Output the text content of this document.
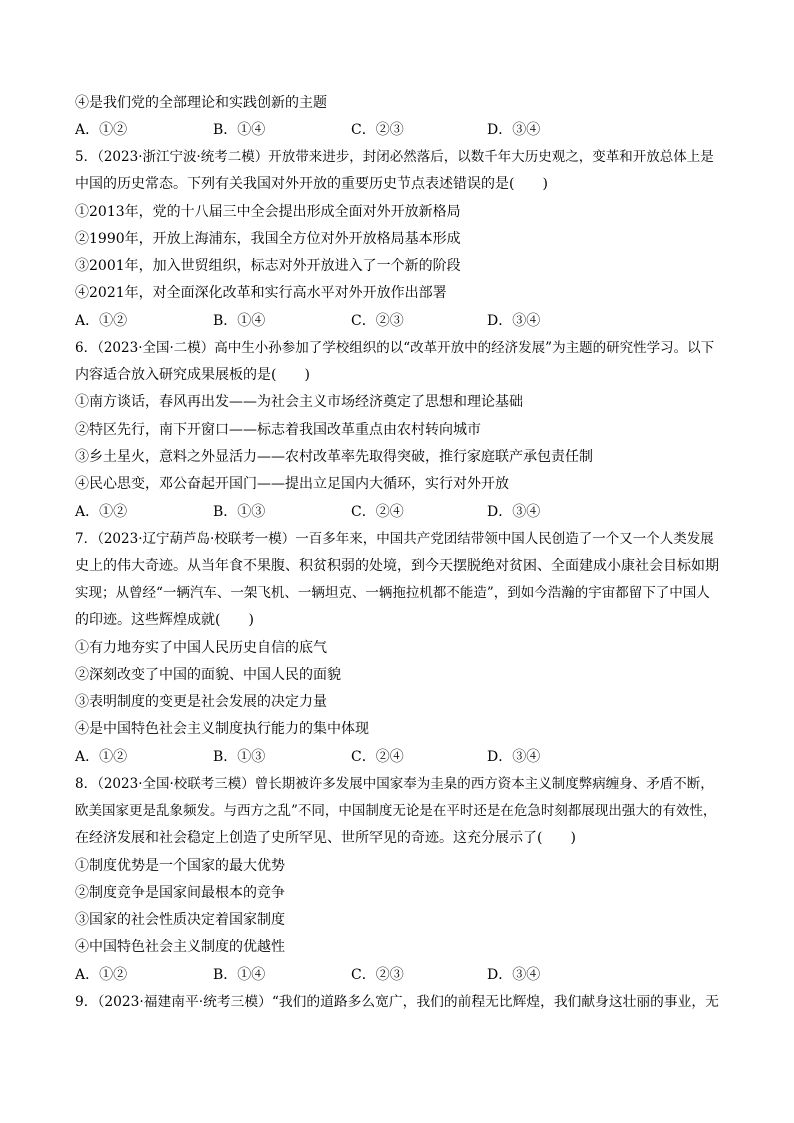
④是我们党的全部理论和实践创新的主题
A．①②	B．①④	C．②③	D．③④
5．（2023·浙江宁波·统考二模）开放带来进步，封闭必然落后，以数千年大历史观之，变革和开放总体上是
中国的历史常态。下列有关我国对外开放的重要历史节点表述错误的是(　　)
①2013年，党的十八届三中全会提出形成全面对外开放新格局
②1990年，开放上海浦东，我国全方位对外开放格局基本形成
③2001年，加入世贸组织，标志对外开放进入了一个新的阶段
④2021年，对全面深化改革和实行高水平对外开放作出部署
A．①②	B．①④	C．②③	D．③④
6．（2023·全国·二模）高中生小孙参加了学校组织的以“改革开放中的经济发展”为主题的研究性学习。以下
内容适合放入研究成果展板的是(　　)
①南方谈话，春风再出发——为社会主义市场经济奠定了思想和理论基础
②特区先行，南下开窗口——标志着我国改革重点由农村转向城市
③乡土星火，意料之外显活力——农村改革率先取得突破，推行家庭联产承包责任制
④民心思变，邓公奋起开国门——提出立足国内大循环，实行对外开放
A．①②	B．①③	C．②④	D．③④
7．（2023·辽宁葫芦岛·校联考一模）一百多年来，中国共产党团结带领中国人民创造了一个又一个人类发展
史上的伟大奇迹。从当年食不果腹、积贫积弱的处境，到今天摆脱绝对贫困、全面建成小康社会目标如期
实现；从曾经“一辆汽车、一架飞机、一辆坦克、一辆拖拉机都不能造”，到如今浩瀚的宇宙都留下了中国人
的印迹。这些辉煌成就(　　)
①有力地夯实了中国人民历史自信的底气
②深刻改变了中国的面貌、中国人民的面貌
③表明制度的变更是社会发展的决定力量
④是中国特色社会主义制度执行能力的集中体现
A．①②	B．①③	C．②④	D．③④
8．（2023·全国·校联考三模）曾长期被许多发展中国家奉为圭臬的西方资本主义制度弊病缠身、矛盾不断，
欧美国家更是乱象频发。与西方之乱”不同，中国制度无论是在平时还是在危急时刻都展现出强大的有效性，
在经济发展和社会稳定上创造了史所罕见、世所罕见的奇迹。这充分展示了(　　)
①制度优势是一个国家的最大优势
②制度竞争是国家间最根本的竞争
③国家的社会性质决定着国家制度
④中国特色社会主义制度的优越性
A．①②	B．①④	C．②③	D．③④
9．（2023·福建南平·统考三模）“我们的道路多么宽广，我们的前程无比辉煌，我们献身这壮丽的事业，无
